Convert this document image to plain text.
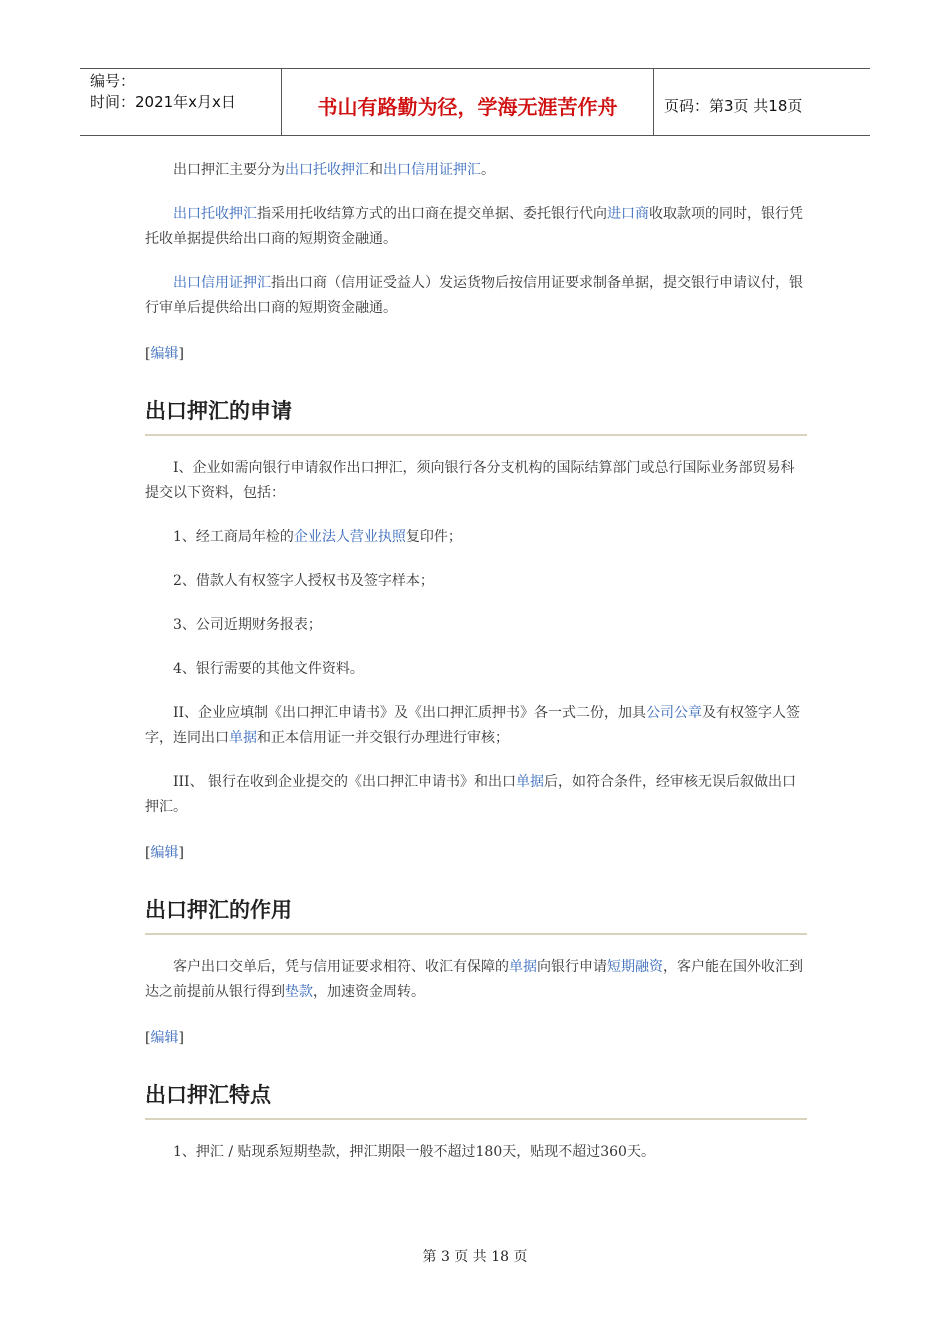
编号：
时间：2021年x月x日	书山有路勤为径，学海无涯苦作舟	页码：第3页 共18页

出口押汇主要分为出口托收押汇和出口信用证押汇。

出口托收押汇指采用托收结算方式的出口商在提交单据、委托银行代向进口商收取款项的同时，银行凭托收单据提供给出口商的短期资金融通。

出口信用证押汇指出口商（信用证受益人）发运货物后按信用证要求制备单据，提交银行申请议付，银行审单后提供给出口商的短期资金融通。

[编辑]

出口押汇的申请

I、企业如需向银行申请叙作出口押汇，须向银行各分支机构的国际结算部门或总行国际业务部贸易科提交以下资料，包括：

1、经工商局年检的企业法人营业执照复印件；

2、借款人有权签字人授权书及签字样本；

3、公司近期财务报表；

4、银行需要的其他文件资料。

II、企业应填制《出口押汇申请书》及《出口押汇质押书》各一式二份，加具公司公章及有权签字人签字，连同出口单据和正本信用证一并交银行办理进行审核；

III、 银行在收到企业提交的《出口押汇申请书》和出口单据后，如符合条件，经审核无误后叙做出口押汇。

[编辑]

出口押汇的作用

客户出口交单后，凭与信用证要求相符、收汇有保障的单据向银行申请短期融资，客户能在国外收汇到达之前提前从银行得到垫款，加速资金周转。

[编辑]

出口押汇特点

1、押汇 / 贴现系短期垫款，押汇期限一般不超过180天，贴现不超过360天。

第 3 页 共 18 页
